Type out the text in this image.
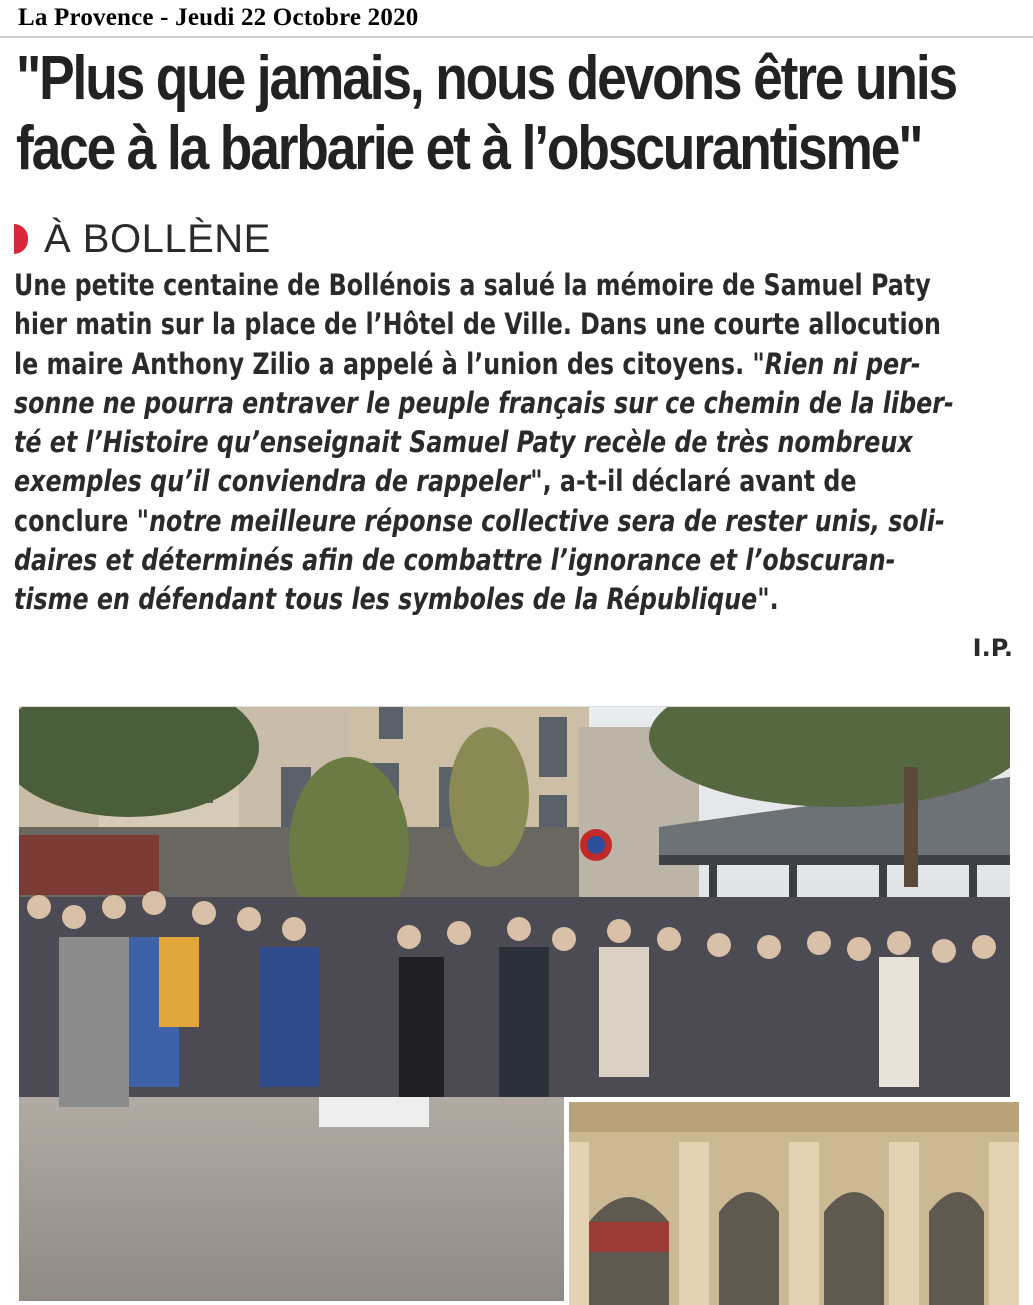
La Provence - Jeudi 22 Octobre 2020
"Plus que jamais, nous devons être unis
face à la barbarie et à l’obscurantisme"
À BOLLÈNE
Une petite centaine de Bollénois a salué la mémoire de Samuel Paty
hier matin sur la place de l’Hôtel de Ville. Dans une courte allocution
le maire Anthony Zilio a appelé à l’union des citoyens. "Rien ni per-
sonne ne pourra entraver le peuple français sur ce chemin de la liber-
té et l’Histoire qu’enseignait Samuel Paty recèle de très nombreux
exemples qu’il conviendra de rappeler", a-t-il déclaré avant de
conclure "notre meilleure réponse collective sera de rester unis, soli-
daires et déterminés afin de combattre l’ignorance et l’obscuran-
tisme en défendant tous les symboles de la République".
I.P.
